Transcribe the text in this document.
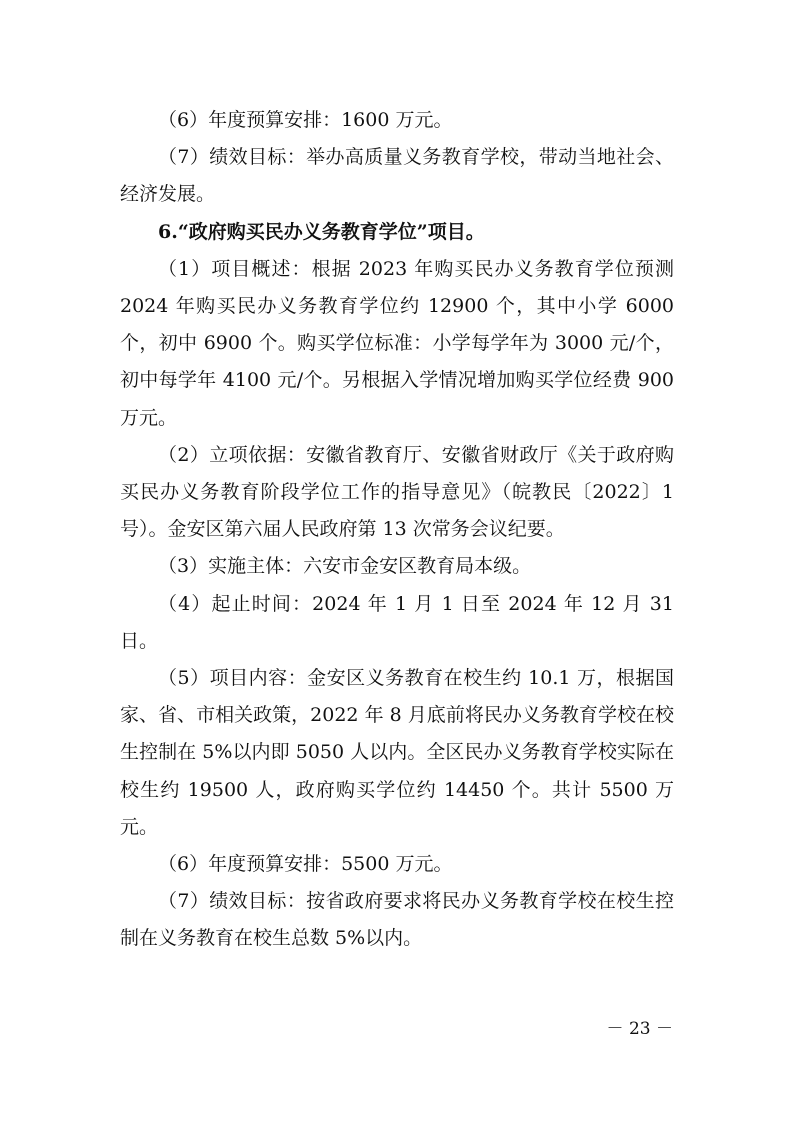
（6）年度预算安排：1600 万元。

（7）绩效目标：举办高质量义务教育学校，带动当地社会、经济发展。

6.“政府购买民办义务教育学位”项目。

（1）项目概述：根据 2023 年购买民办义务教育学位预测2024 年购买民办义务教育学位约 12900 个，其中小学 6000 个，初中 6900 个。购买学位标准：小学每学年为 3000 元/个，初中每学年 4100 元/个。另根据入学情况增加购买学位经费 900 万元。

（2）立项依据：安徽省教育厅、安徽省财政厅《关于政府购买民办义务教育阶段学位工作的指导意见》（皖教民〔2022〕1 号）。金安区第六届人民政府第 13 次常务会议纪要。

（3）实施主体：六安市金安区教育局本级。

（4）起止时间：2024 年 1 月 1 日至 2024 年 12 月 31 日。

（5）项目内容：金安区义务教育在校生约 10.1 万，根据国家、省、市相关政策，2022 年 8 月底前将民办义务教育学校在校生控制在 5%以内即 5050 人以内。全区民办义务教育学校实际在校生约 19500 人，政府购买学位约 14450 个。共计 5500 万元。

（6）年度预算安排：5500 万元。

（7）绩效目标：按省政府要求将民办义务教育学校在校生控制在义务教育在校生总数 5%以内。

－ 23 －
